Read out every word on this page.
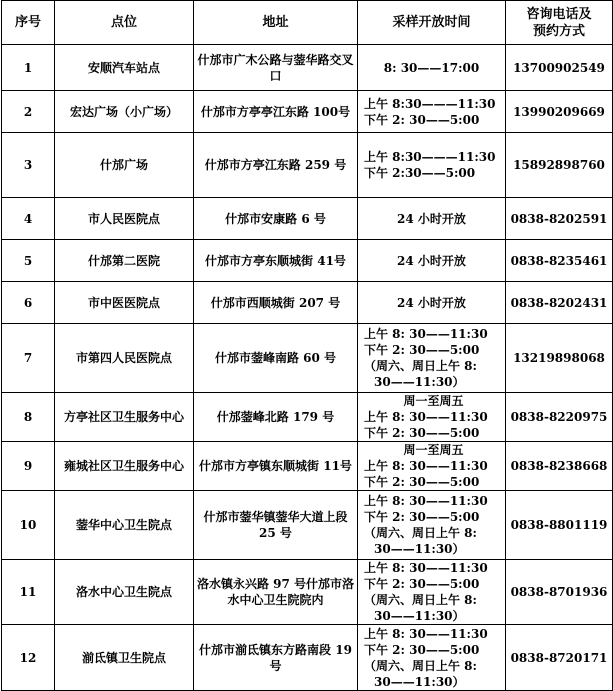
序号	点位	地址	采样开放时间	咨询电话及
预约方式
1	安顺汽车站点	什邡市广木公路与蓥华路交叉口	8: 30——17:00	13700902549
2	宏达广场（小广场）	什邡市方亭亭江东路 100号	上午 8:30———11:30
下午 2: 30——5:00	13990209669
3	什邡广场	什邡市方亭江东路 259 号	上午 8:30———11:30
下午 2:30——5:00	15892898760
4	市人民医院点	什邡市安康路 6 号	24 小时开放	0838-8202591
5	什邡第二医院	什邡市方亭东顺城街 41号	24 小时开放	0838-8235461
6	市中医医院点	什邡市西顺城街 207 号	24 小时开放	0838-8202431
7	市第四人民医院点	什邡市蓥峰南路 60 号	上午 8: 30——11:30
下午 2: 30——5:00
（周六、周日上午 8:
30——11:30）	13219898068
8	方亭社区卫生服务中心	什邡蓥峰北路 179 号	周一至周五
上午 8: 30——11:30
下午 2: 30——5:00	0838-8220975
9	雍城社区卫生服务中心	什邡市方亭镇东顺城街 11号	周一至周五
上午 8: 30——11:30
下午 2: 30——5:00	0838-8238668
10	蓥华中心卫生院点	什邡市蓥华镇蓥华大道上段 25 号	上午 8: 30——11:30
下午 2: 30——5:00
（周六、周日上午 8:
30——11:30）	0838-8801119
11	洛水中心卫生院点	洛水镇永兴路 97 号什邡市洛水中心卫生院院内	上午 8: 30——11:30
下午 2: 30——5:00
（周六、周日上午 8:
30——11:30）	0838-8701936
12	湔氐镇卫生院点	什邡市湔氐镇东方路南段 19 号	上午 8: 30——11:30
下午 2: 30——5:00
（周六、周日上午 8:
30——11:30）	0838-8720171
